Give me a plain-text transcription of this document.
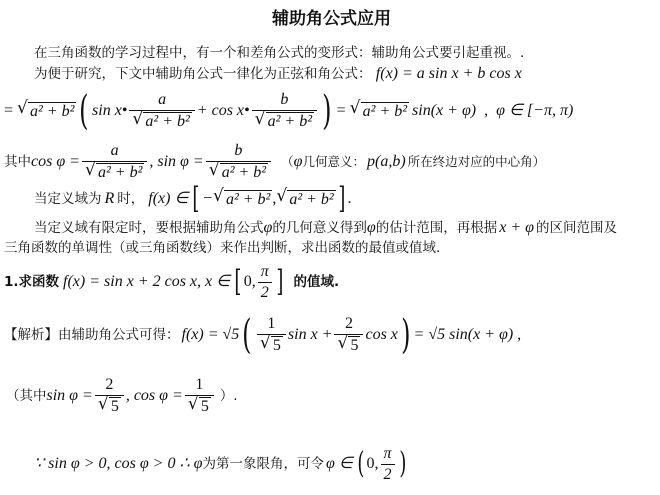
辅助角公式应用
在三角函数的学习过程中，有一个和差角公式的变形式：辅助角公式要引起重视。.
为便于研究，下文中辅助角公式一律化为正弦和角公式： f(x) = a sin x + b cos x
=	√ a² + b² ( sin x• a
√ a² + b² + cos x• b
√ a² + b² ) =	√ a² + b² sin(x + φ) , φ ∈ [−π, π)
其中 cos φ = a
√ a² + b² , sin φ = b
√ a² + b² （ φ 几何意义： p(a,b) 所在终边对应的中心角）
当定义域为 R 时， f(x) ∈ [ − √ a² + b² , √ a² + b² ] .
当定义域有限定时，要根据辅助角公式φ的几何意义得到φ的估计范围，再根据 x + φ 的区间范围及
三角函数的单调性（或三角函数线）来作出判断，求出函数的最值或值域.
1.求函数 f(x) = sin x + 2 cos x, x ∈ [ 0, $\frac{\pi}{2}$ ] 的值域.
【解析】 由辅助角公式可得： f(x) = √5 ( 1
√ 5 sin x + 2
√ 5 cos x ) = √5 sin(x + φ) ,
（其中 sin φ = 2
√ 5 , cos φ = 1
√ 5 ）.
∵ sin φ > 0, cos φ > 0 ∴ φ 为第一象限角，可令 φ ∈ ( 0, $\frac{\pi}{2}$ )
